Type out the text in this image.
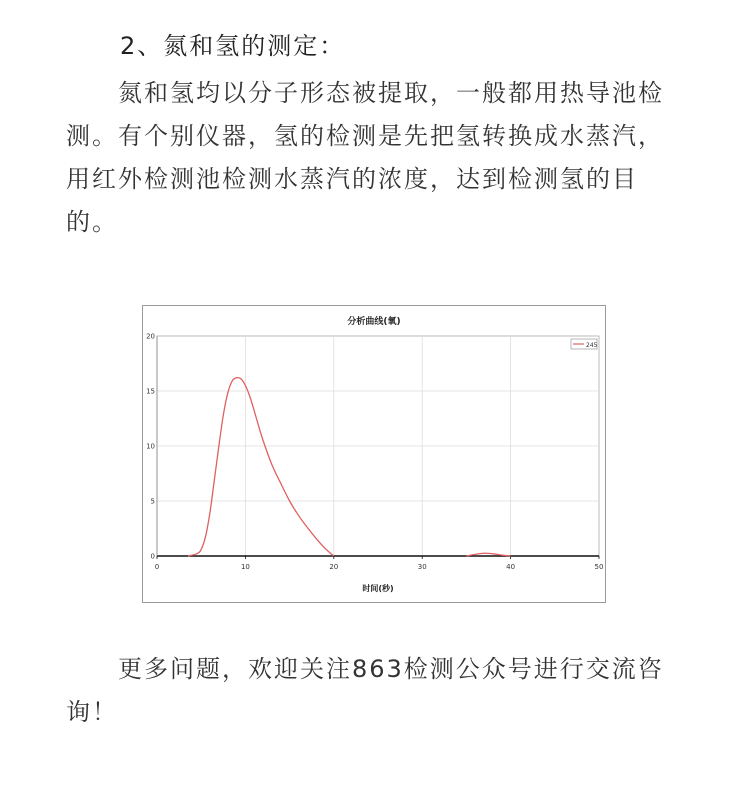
2、氮和氢的测定：

氮和氢均以分子形态被提取，一般都用热导池检测。有个别仪器，氢的检测是先把氢转换成水蒸汽，用红外检测池检测水蒸汽的浓度，达到检测氢的目的。

分析曲线(氧)
0	10	20	30	40	50
0
5
10
15
20
245
时间(秒)

更多问题，欢迎关注863检测公众号进行交流咨询！
